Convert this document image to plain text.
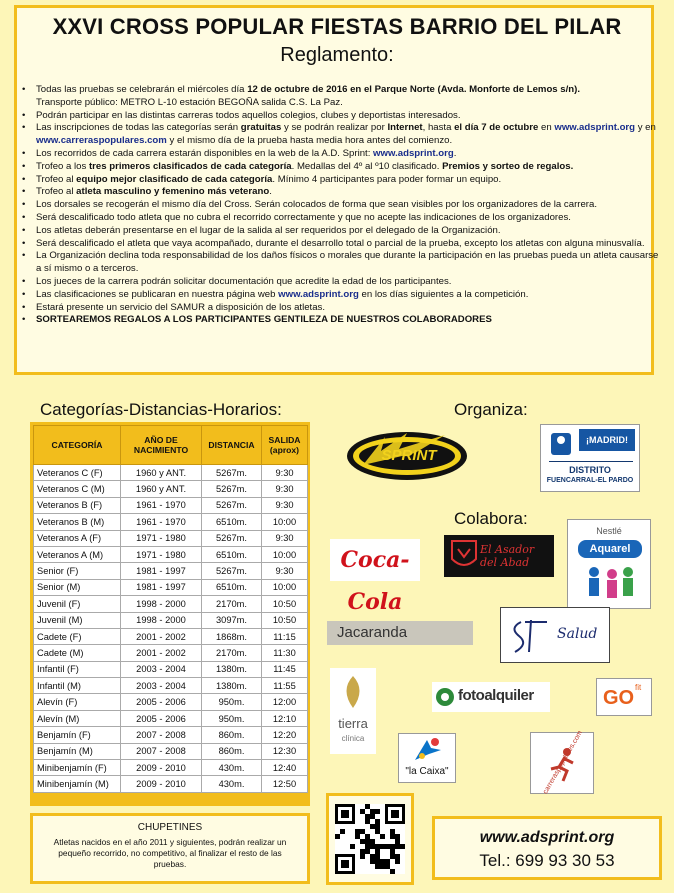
XXVI CROSS POPULAR FIESTAS BARRIO DEL PILAR
Reglamento:
• Todas las pruebas se celebrarán el miércoles día 12 de octubre de 2016 en el Parque Norte (Avda. Monforte de Lemos s/n).
Transporte público: METRO L-10 estación BEGOÑA salida C.S. La Paz.
• Podrán participar en las distintas carreras todos aquellos colegios, clubes y deportistas interesados.
• Las inscripciones de todas las categorías serán gratuitas y se podrán realizar por Internet, hasta el día 7 de octubre en www.adsprint.org y en www.carreraspopulares.com y el mismo día de la prueba hasta media hora antes del comienzo.
• Los recorridos de cada carrera estarán disponibles en la web de la A.D. Sprint: www.adsprint.org.
• Trofeo a los tres primeros clasificados de cada categoría. Medallas del 4º al º10 clasificado. Premios y sorteo de regalos.
• Trofeo al equipo mejor clasificado de cada categoría. Mínimo 4 participantes para poder formar un equipo.
• Trofeo al atleta masculino y femenino más veterano.
• Los dorsales se recogerán el mismo día del Cross. Serán colocados de forma que sean visibles por los organizadores de la carrera.
• Será descalificado todo atleta que no cubra el recorrido correctamente y que no acepte las indicaciones de los organizadores.
• Los atletas deberán presentarse en el lugar de la salida al ser requeridos por el delegado de la Organización.
• Será descalificado el atleta que vaya acompañado, durante el desarrollo total o parcial de la prueba, excepto los atletas con alguna minusvalía.
• La Organización declina toda responsabilidad de los daños físicos o morales que durante la participación en las pruebas pueda un atleta causarse a sí mismo o a terceros.
• Los jueces de la carrera podrán solicitar documentación que acredite la edad de los participantes.
• Las clasificaciones se publicaran en nuestra página web www.adsprint.org en los días siguientes a la competición.
• Estará presente un servicio del SAMUR a disposición de los atletas.
• SORTEAREMOS REGALOS A LOS PARTICIPANTES GENTILEZA DE NUESTROS COLABORADORES
Categorías-Distancias-Horarios:	Organiza:
Colabora:
CATEGORÍA	AÑO DE NACIMIENTO	DISTANCIA	SALIDA (aprox)
Veteranos C (F)	1960 y ANT.	5267m.	9:30
Veteranos C (M)	1960 y ANT.	5267m.	9:30
Veteranos B (F)	1961 - 1970	5267m.	9:30
Veteranos B (M)	1961 - 1970	6510m.	10:00
Veteranos A (F)	1971 - 1980	5267m.	9:30
Veteranos A (M)	1971 - 1980	6510m.	10:00
Senior (F)	1981 - 1997	5267m.	9:30
Senior (M)	1981 - 1997	6510m.	10:00
Juvenil (F)	1998 - 2000	2170m.	10:50
Juvenil (M)	1998 - 2000	3097m.	10:50
Cadete (F)	2001 - 2002	1868m.	11:15
Cadete (M)	2001 - 2002	2170m.	11:30
Infantil (F)	2003 - 2004	1380m.	11:45
Infantil (M)	2003 - 2004	1380m.	11:55
Alevín (F)	2005 - 2006	950m.	12:00
Alevín (M)	2005 - 2006	950m.	12:10
Benjamín (F)	2007 - 2008	860m.	12:20
Benjamín (M)	2007 - 2008	860m.	12:30
Minibenjamín (F)	2009 - 2010	430m.	12:40
Minibenjamín (M)	2009 - 2010	430m.	12:50
CHUPETINES
Atletas nacidos en el año 2011 y siguientes, podrán realizar un pequeño recorrido, no competitivo, al finalizar el resto de las pruebas.
www.adsprint.org
Tel.: 699 93 30 53
SPRINT
¡MADRID!
DISTRITO
FUENCARRAL-EL PARDO
Coca-Cola
El Asador del Abad
Nestlé
Aquarel
Jacaranda	Salud
tierra
clínica
fotoalquiler	GO fit
"la Caixa"	carreraspopulares.com
